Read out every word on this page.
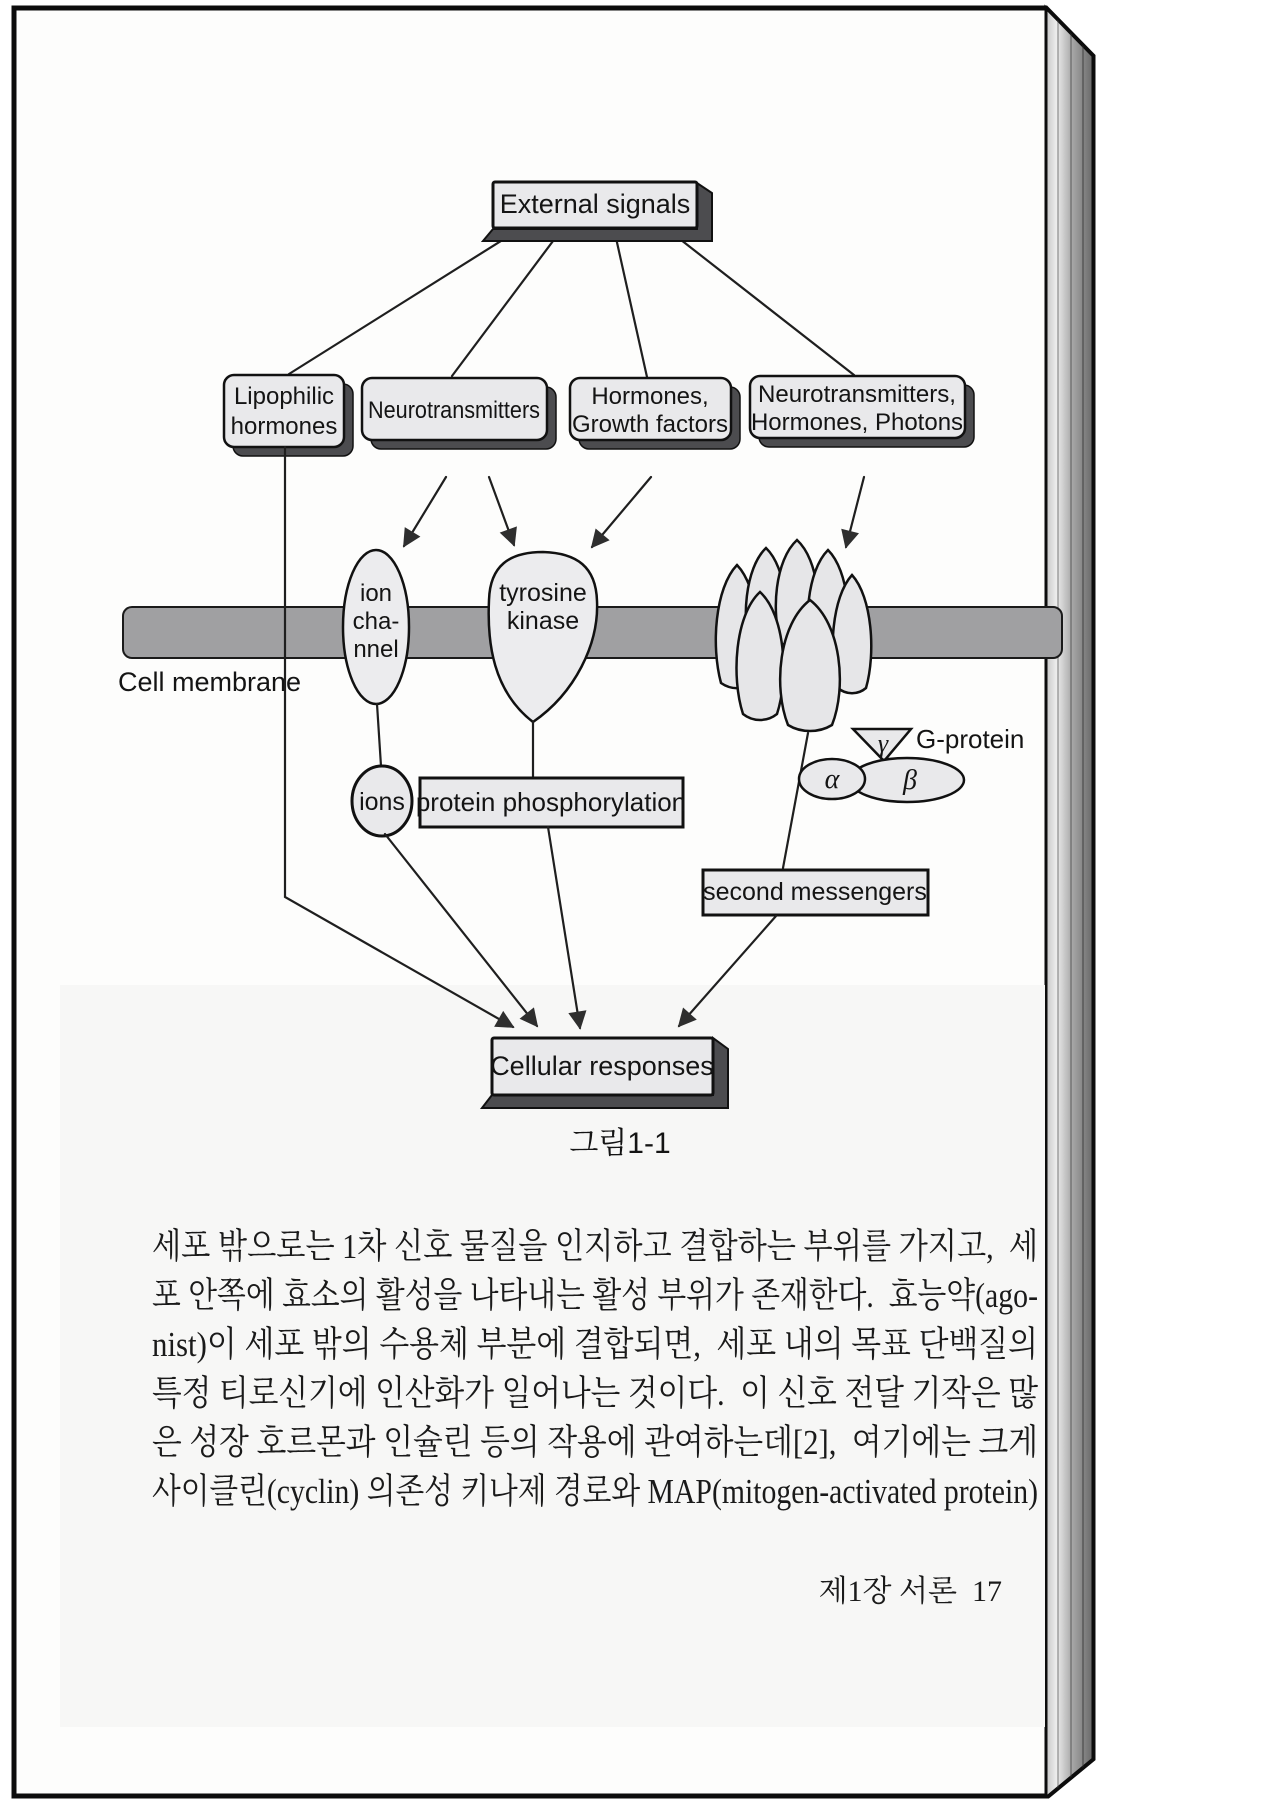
External signals
Lipophilic
hormones
Neurotransmitters
Hormones,
Growth factors
Neurotransmitters,
Hormones, Photons
Cell membrane
ion
cha-
nnel
tyrosine
kinase
γ
α β
G-protein
ions protein phosphorylation
second messengers
Cellular responses
그림1-1
세포 밖으로는 1차 신호 물질을 인지하고 결합하는 부위를 가지고,  세
포 안쪽에 효소의 활성을 나타내는 활성 부위가 존재한다.  효능약(ago-
nist)이 세포 밖의 수용체 부분에 결합되면,  세포 내의 목표 단백질의
특정 티로신기에 인산화가 일어나는 것이다.  이 신호 전달 기작은 많
은 성장 호르몬과 인슐린 등의 작용에 관여하는데[2],  여기에는 크게
사이클린(cyclin) 의존성 키나제 경로와 MAP(mitogen-activated protein)
제1장 서론  17
